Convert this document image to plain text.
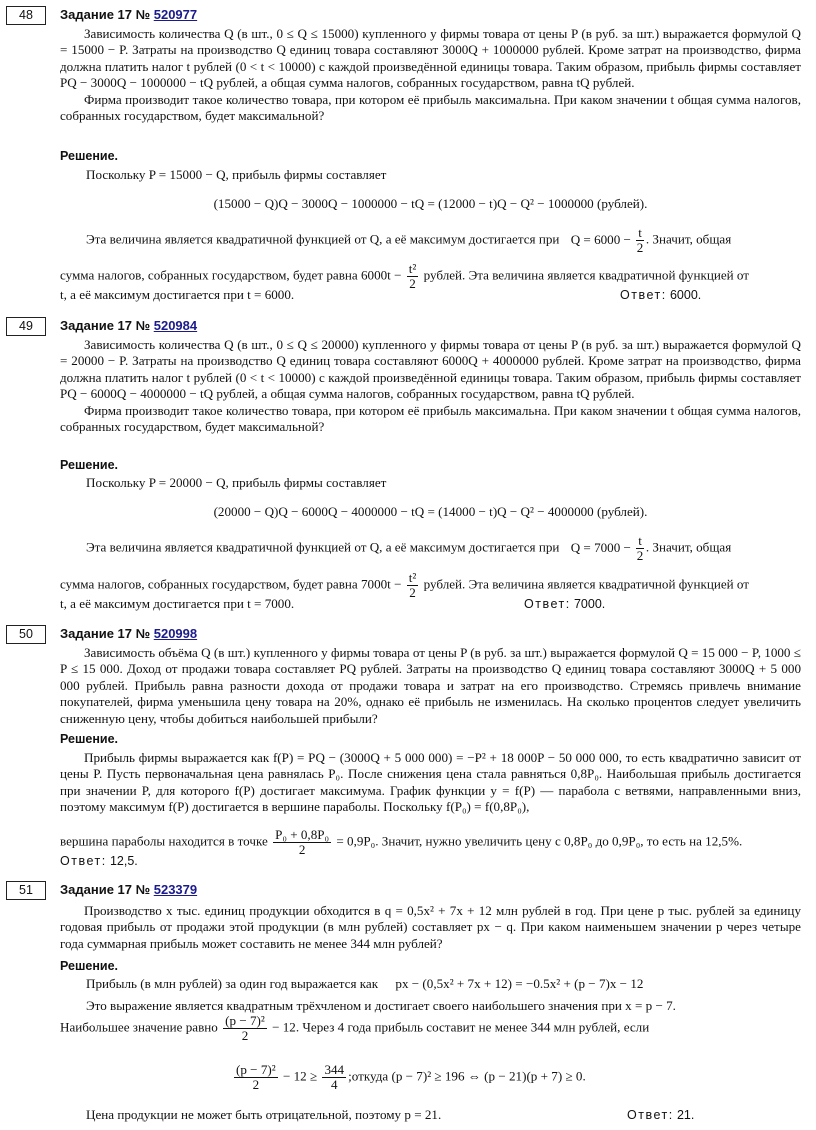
48	Задание 17 № 520977

Зависимость количества Q (в шт., 0 ≤ Q ≤ 15000) купленного у фирмы товара от цены P (в руб. за шт.) выражается формулой Q = 15000 − P. Затраты на производство Q единиц товара составляют 3000Q + 1000000 рублей. Кроме затрат на производство, фирма должна платить налог t рублей (0 < t < 10000) с каждой произведённой единицы товара. Таким образом, прибыль фирмы составляет PQ − 3000Q − 1000000 − tQ рублей, а общая сумма налогов, собранных государством, равна tQ рублей.

Фирма производит такое количество товара, при котором её прибыль максимальна. При каком значении t общая сумма налогов, собранных государством, будет максимальной?

Решение.
Поскольку P = 15000 − Q, прибыль фирмы составляет
(15000 − Q)Q − 3000Q − 1000000 − tQ = (12000 − t)Q − Q² − 1000000 (рублей).
Эта величина является квадратичной функцией от Q, а её максимум достигается при $Q = 6000 - \frac{t}{2}$ . Значит, общая
сумма налогов, собранных государством, будет равна $6000t - \frac{\text{t²}}{2}$ рублей. Эта величина является квадратичной функцией от
t, а её максимум достигается при t = 6000.	Ответ: 6000.
49	Задание 17 № 520984

Зависимость количества Q (в шт., 0 ≤ Q ≤ 20000) купленного у фирмы товара от цены P (в руб. за шт.) выражается формулой Q = 20000 − P. Затраты на производство Q единиц товара составляют 6000Q + 4000000 рублей. Кроме затрат на производство, фирма должна платить налог t рублей (0 < t < 10000) с каждой произведённой единицы товара. Таким образом, прибыль фирмы составляет PQ − 6000Q − 4000000 − tQ рублей, а общая сумма налогов, собранных государством, равна tQ рублей.

Фирма производит такое количество товара, при котором её прибыль максимальна. При каком значении t общая сумма налогов, собранных государством, будет максимальной?

Решение.
Поскольку P = 20000 − Q, прибыль фирмы составляет
(20000 − Q)Q − 6000Q − 4000000 − tQ = (14000 − t)Q − Q² − 4000000 (рублей).
Эта величина является квадратичной функцией от Q, а её максимум достигается при $Q = 7000 - \frac{t}{2}$ . Значит, общая
сумма налогов, собранных государством, будет равна $7000t - \frac{\text{t²}}{2}$ рублей. Эта величина является квадратичной функцией от
t, а её максимум достигается при t = 7000.	Ответ: 7000.
50	Задание 17 № 520998

Зависимость объёма Q (в шт.) купленного у фирмы товара от цены P (в руб. за шт.) выражается формулой Q = 15 000 − P, 1000 ≤ P ≤ 15 000. Доход от продажи товара составляет PQ рублей. Затраты на производство Q единиц товара составляют 3000Q + 5 000 000 рублей. Прибыль равна разности дохода от продажи товара и затрат на его производство. Стремясь привлечь внимание покупателей, фирма уменьшила цену товара на 20%, однако её прибыль не изменилась. На сколько процентов следует увеличить сниженную цену, чтобы добиться наибольшей прибыли?

Решение.

Прибыль фирмы выражается как f(P) = PQ − (3000Q + 5 000 000) = −P² + 18 000P − 50 000 000, то есть квадратично зависит от цены P. Пусть первоначальная цена равнялась P₀. После снижения цена стала равняться 0,8P₀. Наибольшая прибыль достигается при значении P, для которого f(P) достигает максимума. График функции y = f(P) — парабола с ветвями, направленными вниз, поэтому максимум f(P) достигается в вершине параболы. Поскольку f(P₀) = f(0,8P₀),

вершина параболы находится в точке $\frac{\text{P₀ + 0,8P₀}}{2} = 0,9P_0$. Значит, нужно увеличить цену с 0,8P₀ до 0,9P₀, то есть на 12,5%.
Ответ: 12,5.
51	Задание 17 № 523379

Производство x тыс. единиц продукции обходится в q = 0,5x² + 7x + 12 млн рублей в год. При цене p тыс. рублей за единицу годовая прибыль от продажи этой продукции (в млн рублей) составляет px − q. При каком наименьшем значении p через четыре года суммарная прибыль может составить не менее 344 млн рублей?

Решение.
Прибыль (в млн рублей) за один год выражается как px − (0,5x² + 7x + 12) = −0.5x² + (p − 7)x − 12
Это выражение является квадратным трёхчленом и достигает своего наибольшего значения при x = p − 7.
Наибольшее значение равно $\frac{\text{(p − 7)²}}{2} - 12$. Через 4 года прибыль составит не менее 344 млн рублей, если
$\frac{\text{(p − 7)²}}{2} - 12 \ge \frac{344}{4}$ ;откуда (p − 7)² ≥ 196 ⇔ (p − 21)(p + 7) ≥ 0.
Цена продукции не может быть отрицательной, поэтому p = 21.	Ответ: 21.
